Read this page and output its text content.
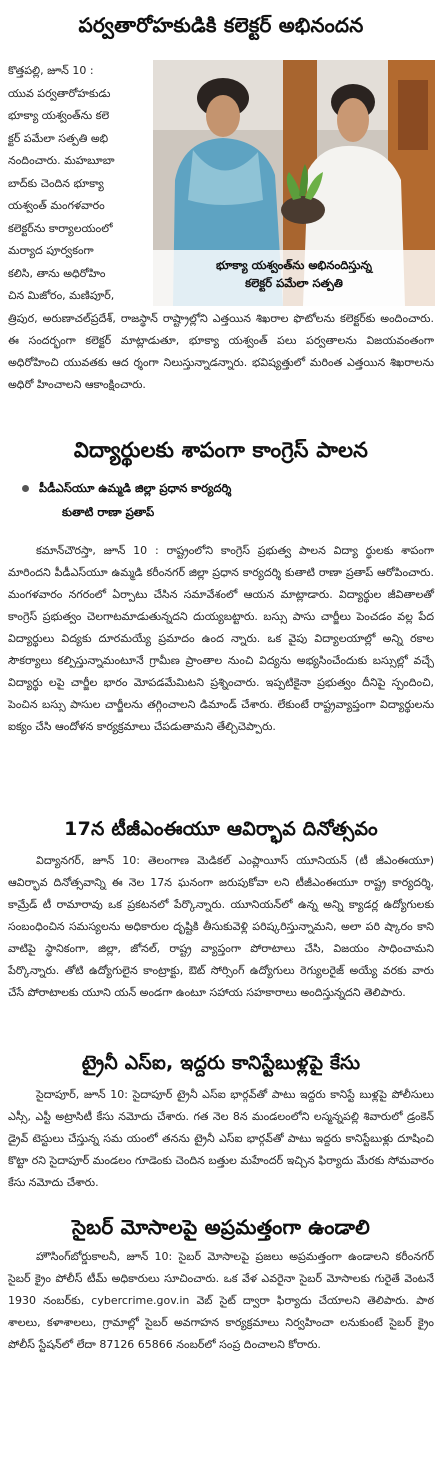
పర్వతారోహకుడికి కలెక్టర్ అభినందన
కొత్తపల్లి, జూన్ 10 :
యువ పర్వతారోహకుడు
భూక్యా యశ్వంత్‌ను కలె
క్టర్ పమేలా సత్పతి అభి
నందించారు. మహబూబా
బాద్‌కు చెందిన భూక్యా
యశ్వంత్ మంగళవారం
కలెక్టర్‌ను కార్యాలయంలో
మర్యాద పూర్వకంగా
కలిసి, తాను అధిరోహిం
చిన మిజోరం, మణిపూర్,
భూక్యా యశ్వంత్‌ను అభినందిస్తున్న
కలెక్టర్ పమేలా సత్పతి

త్రిపుర, అరుణాచల్‌ప్రదేశ్, రాజస్థాన్ రాష్ట్రాల్లోని ఎత్తయిన శిఖరాల ఫొటోలను కలెక్టర్‌కు అందించారు. ఈ సందర్భంగా కలెక్టర్ మాట్లాడుతూ, భూక్యా యశ్వంత్ పలు పర్వతాలను విజయవంతంగా అధిరోహించి యువతకు ఆద ర్శంగా నిలుస్తున్నాడన్నారు. భవిష్యత్తులో మరింత ఎత్తయిన శిఖరాలను అధిరో హించాలని ఆకాంక్షించారు.

విద్యార్థులకు శాపంగా కాంగ్రెస్ పాలన
పీడీఎస్‌యూ ఉమ్మడి జిల్లా ప్రధాన కార్యదర్శి
కుతాటి రాణా ప్రతాప్

కమాన్‌చౌరస్తా, జూన్ 10 : రాష్ట్రంలోని కాంగ్రెస్ ప్రభుత్వ పాలన విద్యా ర్థులకు శాపంగా మారిందని పీడీఎస్‌యూ ఉమ్మడి కరీంనగర్ జిల్లా ప్రధాన కార్యదర్శి కుతాటి రాణా ప్రతాప్ ఆరోపించారు. మంగళవారం నగరంలో ఏర్పాటు చేసిన సమావేశంలో ఆయన మాట్లాడారు. విద్యార్థుల జీవితాలతో కాంగ్రెస్ ప్రభుత్వం చెలగాటమాడుతున్నదని దుయ్యబట్టారు. బస్సు పాసు చార్జీలు పెంచడం వల్ల పేద విద్యార్థులు విద్యకు దూరమయ్యే ప్రమాదం ఉంద న్నారు. ఒక వైపు విద్యాలయాల్లో అన్ని రకాల సౌకర్యాలు కల్పిస్తున్నామంటూనే గ్రామీణ ప్రాంతాల నుంచి విద్యను అభ్యసించేందుకు బస్సుల్లో వచ్చే విద్యార్థు లపై చార్జీల భారం మోపడమేమిటని ప్రశ్నించారు. ఇప్పటికైనా ప్రభుత్వం దీనిపై స్పందించి, పెంచిన బస్సు పాసుల చార్జీలను తగ్గించాలని డిమాండ్ చేశారు. లేకుంటే రాష్ట్రవ్యాప్తంగా విద్యార్థులను ఐక్యం చేసి ఆందోళన కార్యక్రమాలు చేపడుతామని తేల్చిచెప్పారు.

17న టీజీఎంఈయూ ఆవిర్భావ దినోత్సవం

విద్యానగర్, జూన్ 10: తెలంగాణ మెడికల్ ఎంప్లాయీస్ యూనియన్ (టీ జీఎంఈయూ) ఆవిర్భావ దినోత్సవాన్ని ఈ నెల 17న ఘనంగా జరుపుకోవా లని టీజీఎంఈయూ రాష్ట్ర కార్యదర్శి, కామ్రేడ్ టీ రామారావు ఒక ప్రకటనలో పేర్కొన్నారు. యూనియన్‌లో ఉన్న అన్ని క్యాడర్ల ఉద్యోగులకు సంబంధించిన సమస్యలను అధికారుల దృష్టికి తీసుకువెళ్లి పరిష్కరిస్తున్నామని, అలా పరి ష్కారం కాని వాటిపై స్థానికంగా, జిల్లా, జోనల్, రాష్ట్ర వ్యాప్తంగా పోరాటాలు చేసి, విజయం సాధించామని పేర్కొన్నారు. తోటి ఉద్యోగులైన కాంట్రాక్టు, ఔట్ సోర్సింగ్ ఉద్యోగులు రెగ్యులరైజ్ అయ్యే వరకు వారు చేసే పోరాటాలకు యూని యన్ అండగా ఉంటూ సహాయ సహకారాలు అందిస్తున్నదని తెలిపారు.

ట్రైనీ ఎస్ఐ, ఇద్దరు కానిస్టేబుళ్లపై కేసు

సైదాపూర్, జూన్ 10: సైదాపూర్ ట్రైనీ ఎస్ఐ భార్గవ్‌తో పాటు ఇద్దరు కానిస్టే బుళ్లపై పోలీసులు ఎస్సీ, ఎస్టీ అట్రాసిటీ కేసు నమోదు చేశారు. గత నెల 8న మండలంలోని లస్మన్నపల్లి శివారులో డ్రంకెన్ డ్రైవ్ టెస్టులు చేస్తున్న సమ యంలో తనను ట్రైనీ ఎస్ఐ భార్గవ్‌తో పాటు ఇద్దరు కానిస్టేబుళ్లు దూషించి కొట్టా రని సైదాపూర్ మండలం గూడెంకు చెందిన బత్తుల మహేందర్ ఇచ్చిన ఫిర్యాదు మేరకు సోమవారం కేసు నమోదు చేశారు.

సైబర్ మోసాలపై అప్రమత్తంగా ఉండాలి

హౌసింగ్‌బోర్డుకాలనీ, జూన్ 10: సైబర్ మోసాలపై ప్రజలు అప్రమత్తంగా ఉండాలని కరీంనగర్ సైబర్ క్రైం పోలీస్ టీమ్ అధికారులు సూచించారు. ఒక వేళ ఎవరైనా సైబర్ మోసాలకు గురైతే వెంటనే 1930 నంబర్‌కు, cybercrime.gov.in వెబ్ సైట్ ద్వారా ఫిర్యాదు చేయాలని తెలిపారు. పాఠ శాలలు, కళాశాలలు, గ్రామాల్లో సైబర్ అవగాహన కార్యక్రమాలు నిర్వహించా లనుకుంటే సైబర్ క్రైం పోలీస్ స్టేషన్‌లో లేదా 87126 65866 నంబర్‌లో సంప్ర దించాలని కోరారు.
